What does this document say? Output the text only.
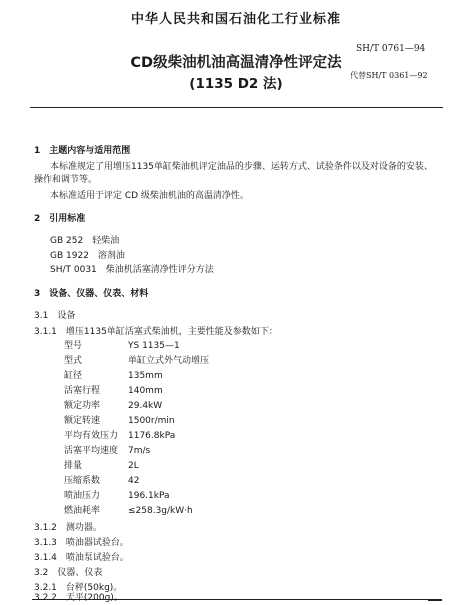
中华人民共和国石油化工行业标准
SH/T 0761—94
CD级柴油机油高温清净性评定法
(1135 D2 法)
代替SH/T 0361—92
1　主题内容与适用范围
本标准规定了用增压1135单缸柴油机评定油品的步骤、运转方式、试验条件以及对设备的安装、
操作和调节等。
本标准适用于评定 CD 级柴油机油的高温清净性。
2　引用标准
GB 252　轻柴油
GB 1922　溶剂油
SH/T 0031　柴油机活塞清净性评分方法
3　设备、仪器、仪表、材料
3.1　设备
3.1.1　增压1135单缸活塞式柴油机，主要性能及参数如下：
型号	YS 1135—1
型式	单缸立式外气动增压
缸径	135mm
活塞行程	140mm
额定功率	29.4kW
额定转速	1500r/min
平均有效压力 1176.8kPa
活塞平均速度 7m/s
排量	2L
压缩系数	42
喷油压力	196.1kPa
燃油耗率	≤258.3g/kW·h
3.1.2　测功器。
3.1.3　喷油器试验台。
3.1.4　喷油泵试验台。
3.2　仪器、仪表
3.2.1　台秤(50kg)。
3.2.2　天平(200g)。
